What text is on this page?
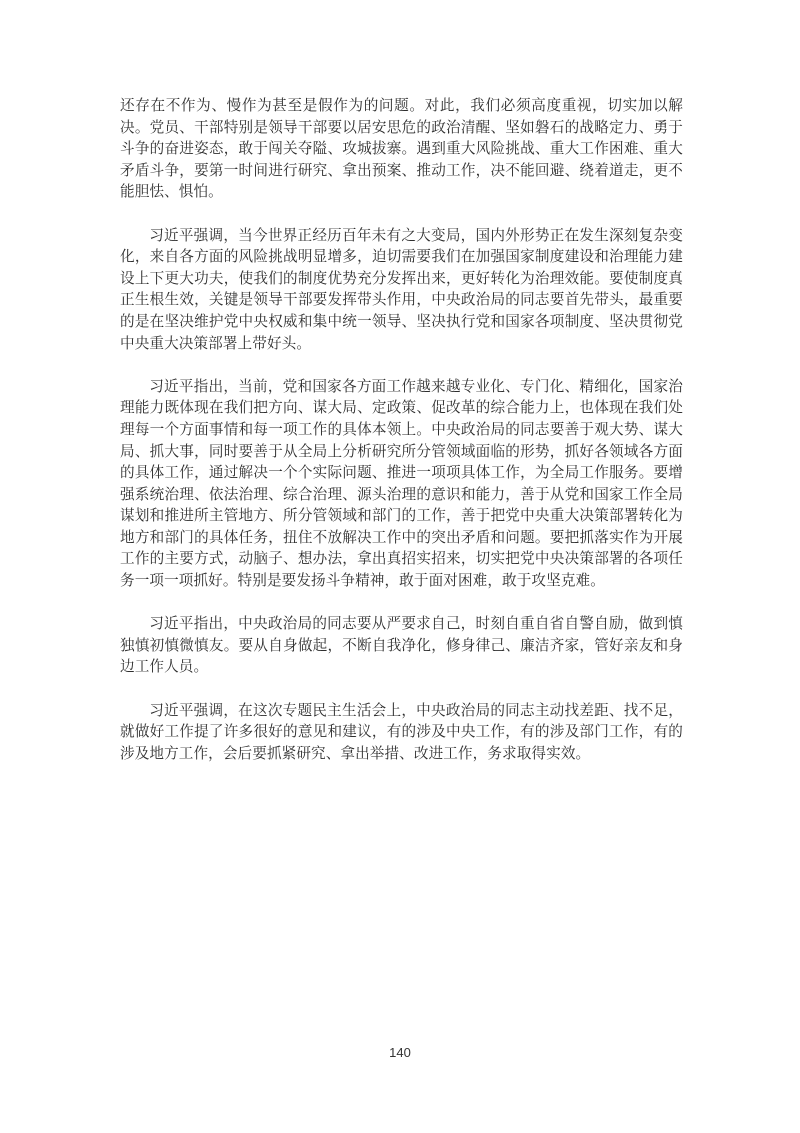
还存在不作为、慢作为甚至是假作为的问题。对此，我们必须高度重视，切实加以解决。党员、干部特别是领导干部要以居安思危的政治清醒、坚如磐石的战略定力、勇于斗争的奋进姿态，敢于闯关夺隘、攻城拔寨。遇到重大风险挑战、重大工作困难、重大矛盾斗争，要第一时间进行研究、拿出预案、推动工作，决不能回避、绕着道走，更不能胆怯、惧怕。

习近平强调，当今世界正经历百年未有之大变局，国内外形势正在发生深刻复杂变化，来自各方面的风险挑战明显增多，迫切需要我们在加强国家制度建设和治理能力建设上下更大功夫，使我们的制度优势充分发挥出来，更好转化为治理效能。要使制度真正生根生效，关键是领导干部要发挥带头作用，中央政治局的同志要首先带头，最重要的是在坚决维护党中央权威和集中统一领导、坚决执行党和国家各项制度、坚决贯彻党中央重大决策部署上带好头。

习近平指出，当前，党和国家各方面工作越来越专业化、专门化、精细化，国家治理能力既体现在我们把方向、谋大局、定政策、促改革的综合能力上，也体现在我们处理每一个方面事情和每一项工作的具体本领上。中央政治局的同志要善于观大势、谋大局、抓大事，同时要善于从全局上分析研究所分管领域面临的形势，抓好各领域各方面的具体工作，通过解决一个个实际问题、推进一项项具体工作，为全局工作服务。要增强系统治理、依法治理、综合治理、源头治理的意识和能力，善于从党和国家工作全局谋划和推进所主管地方、所分管领域和部门的工作，善于把党中央重大决策部署转化为地方和部门的具体任务，扭住不放解决工作中的突出矛盾和问题。要把抓落实作为开展工作的主要方式，动脑子、想办法，拿出真招实招来，切实把党中央决策部署的各项任务一项一项抓好。特别是要发扬斗争精神，敢于面对困难，敢于攻坚克难。

习近平指出，中央政治局的同志要从严要求自己，时刻自重自省自警自励，做到慎独慎初慎微慎友。要从自身做起，不断自我净化，修身律己、廉洁齐家，管好亲友和身边工作人员。

习近平强调，在这次专题民主生活会上，中央政治局的同志主动找差距、找不足，就做好工作提了许多很好的意见和建议，有的涉及中央工作，有的涉及部门工作，有的涉及地方工作，会后要抓紧研究、拿出举措、改进工作，务求取得实效。

140
